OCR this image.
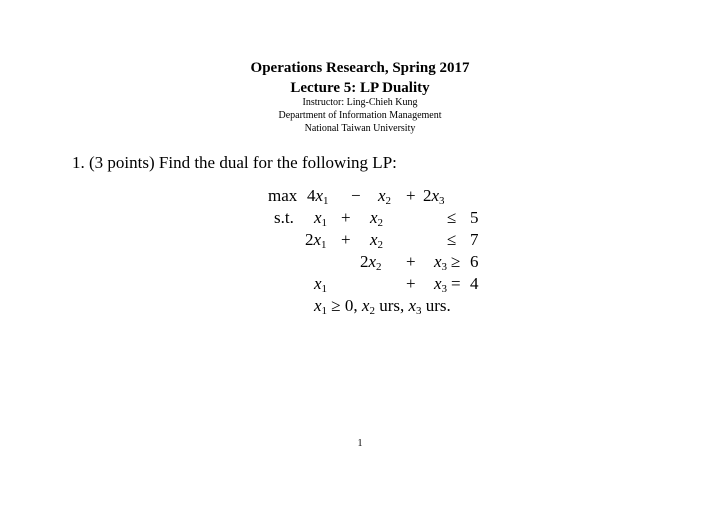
Operations Research, Spring 2017
Lecture 5: LP Duality
Instructor: Ling-Chieh Kung
Department of Information Management
National Taiwan University
1. (3 points) Find the dual for the following LP:
$\max 4x_1 - x_2 + 2x_3$
s.t. $x_1 + x_2$	≤ 5
$2x_1 + x_2$	≤ 7
$2x_2 + x_3 \ge 6$
$x_1$	+ $x_3 = 4$
$x_1 \ge 0$, $x_2$ urs, $x_3$ urs.
1
